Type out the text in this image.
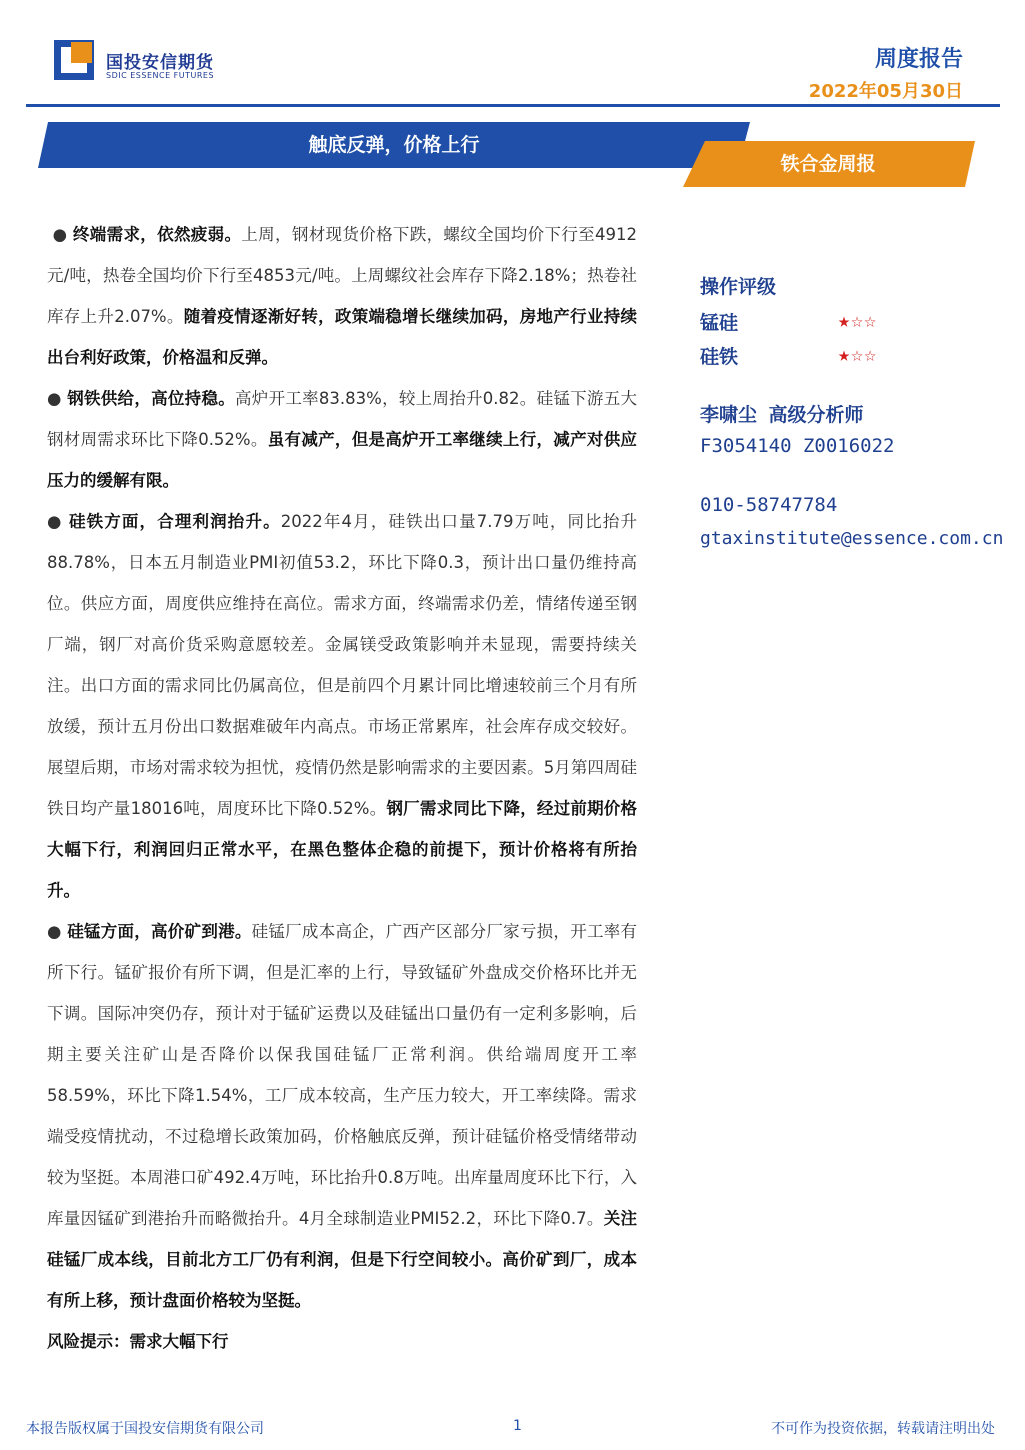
国投安信期货
SDIC ESSENCE FUTURES
周度报告
2022年05月30日
触底反弹，价格上行
铁合金周报

● 终端需求，依然疲弱。上周，钢材现货价格下跌，螺纹全国均价下行至4912元/吨，热卷全国均价下行至4853元/吨。上周螺纹社会库存下降2.18%；热卷社库存上升2.07%。随着疫情逐渐好转，政策端稳增长继续加码，房地产行业持续出台利好政策，价格温和反弹。

● 钢铁供给，高位持稳。高炉开工率83.83%，较上周抬升0.82。硅锰下游五大钢材周需求环比下降0.52%。虽有减产，但是高炉开工率继续上行，减产对供应压力的缓解有限。

● 硅铁方面，合理利润抬升。2022年4月，硅铁出口量7.79万吨，同比抬升88.78%，日本五月制造业PMI初值53.2，环比下降0.3，预计出口量仍维持高位。供应方面，周度供应维持在高位。需求方面，终端需求仍差，情绪传递至钢厂端，钢厂对高价货采购意愿较差。金属镁受政策影响并未显现，需要持续关注。出口方面的需求同比仍属高位，但是前四个月累计同比增速较前三个月有所放缓，预计五月份出口数据难破年内高点。市场正常累库，社会库存成交较好。展望后期，市场对需求较为担忧，疫情仍然是影响需求的主要因素。5月第四周硅铁日均产量18016吨，周度环比下降0.52%。钢厂需求同比下降，经过前期价格大幅下行，利润回归正常水平，在黑色整体企稳的前提下，预计价格将有所抬升。

● 硅锰方面，高价矿到港。硅锰厂成本高企，广西产区部分厂家亏损，开工率有所下行。锰矿报价有所下调，但是汇率的上行，导致锰矿外盘成交价格环比并无下调。国际冲突仍存，预计对于锰矿运费以及硅锰出口量仍有一定利多影响，后期主要关注矿山是否降价以保我国硅锰厂正常利润。供给端周度开工率58.59%，环比下降1.54%，工厂成本较高，生产压力较大，开工率续降。需求端受疫情扰动，不过稳增长政策加码，价格触底反弹，预计硅锰价格受情绪带动较为坚挺。本周港口矿492.4万吨，环比抬升0.8万吨。出库量周度环比下行，入库量因锰矿到港抬升而略微抬升。4月全球制造业PMI52.2，环比下降0.7。关注硅锰厂成本线，目前北方工厂仍有利润，但是下行空间较小。高价矿到厂，成本有所上移，预计盘面价格较为坚挺。

风险提示：需求大幅下行

操作评级
锰硅	★☆☆
硅铁	★☆☆
李啸尘 高级分析师
F3054140 Z0016022
010-58747784
gtaxinstitute@essence.com.cn
本报告版权属于国投安信期货有限公司	1	不可作为投资依据，转载请注明出处
